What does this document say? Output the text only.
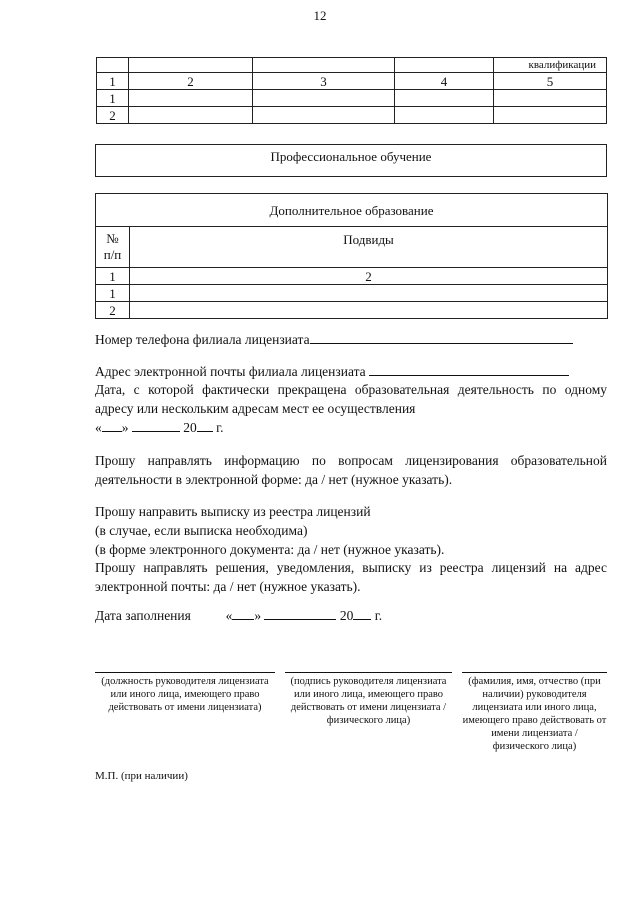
12
				квалификации
1	2	3	4	5
1				
2				
Профессиональное обучение
Дополнительное образование	
№
п/п	Подвиды
1	2
1	
2	
Номер телефона филиала лицензиата
Адрес электронной почты филиала лицензиата
Дата, с которой фактически прекращена образовательная деятельность по одному адресу или нескольким адресам мест ее осуществления
« »	20 г.
Прошу направлять информацию по вопросам лицензирования образовательной деятельности в электронной форме: да / нет (нужное указать).
Прошу направить выписку из реестра лицензий
(в случае, если выписка необходима)
(в форме электронного документа: да / нет (нужное указать).
Прошу направлять решения, уведомления, выписку из реестра лицензий на адрес электронной почты: да / нет (нужное указать).
Дата заполнения	« »	20 г.
(должность руководителя лицензиата или иного лица, имеющего право действовать от имени лицензиата)
(подпись руководителя лицензиата или иного лица, имеющего право действовать от имени лицензиата / физического лица)
(фамилия, имя, отчество (при наличии) руководителя лицензиата или иного лица, имеющего право действовать от имени лицензиата / физического лица)
М.П. (при наличии)
